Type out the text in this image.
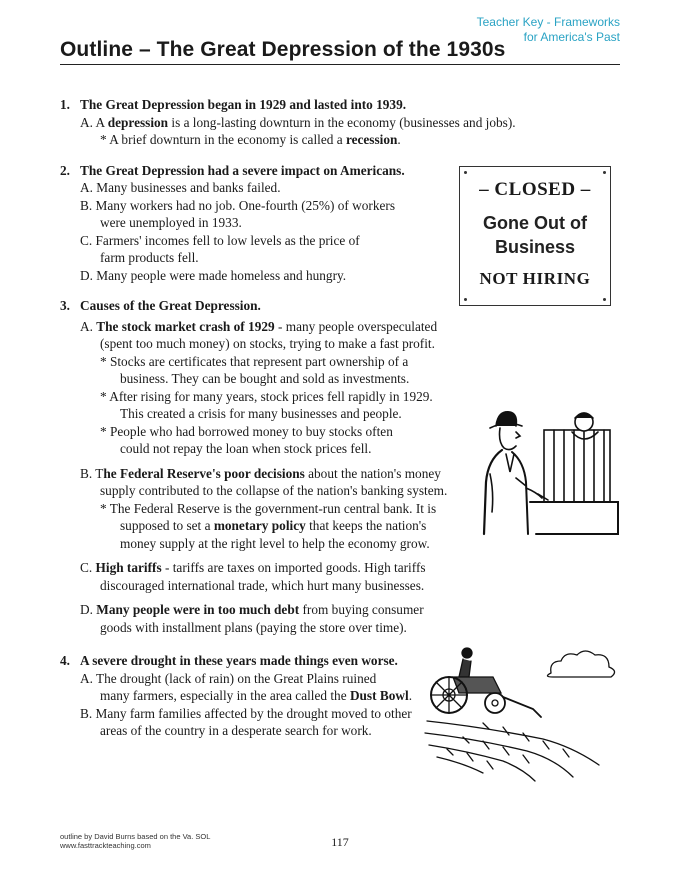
Teacher Key - Frameworks
for America's Past
Outline – The Great Depression of the 1930s
1. The Great Depression began in 1929 and lasted into 1939.
A. A depression is a long-lasting downturn in the economy (businesses and jobs).
* A brief downturn in the economy is called a recession.
2. The Great Depression had a severe impact on Americans.
A. Many businesses and banks failed.
B. Many workers had no job. One-fourth (25%) of workers
were unemployed in 1933.
C. Farmers' incomes fell to low levels as the price of
farm products fell.
D. Many people were made homeless and hungry.
3. Causes of the Great Depression.
A. The stock market crash of 1929 - many people overspeculated
(spent too much money) on stocks, trying to make a fast profit.
* Stocks are certificates that represent part ownership of a
business. They can be bought and sold as investments.
* After rising for many years, stock prices fell rapidly in 1929.
This created a crisis for many businesses and people.
* People who had borrowed money to buy stocks often
could not repay the loan when stock prices fell.
B. The Federal Reserve's poor decisions about the nation's money
supply contributed to the collapse of the nation's banking system.
* The Federal Reserve is the government-run central bank. It is
supposed to set a monetary policy that keeps the nation's
money supply at the right level to help the economy grow.
C. High tariffs - tariffs are taxes on imported goods. High tariffs
discouraged international trade, which hurt many businesses.
D. Many people were in too much debt from buying consumer
goods with installment plans (paying the store over time).
4. A severe drought in these years made things even worse.
A. The drought (lack of rain) on the Great Plains ruined
many farmers, especially in the area called the Dust Bowl.
B. Many farm families affected by the drought moved to other
areas of the country in a desperate search for work.
– CLOSED –
Gone Out of
Business
NOT HIRING
outline by David Burns based on the Va. SOL
www.fasttrackteaching.com	117
